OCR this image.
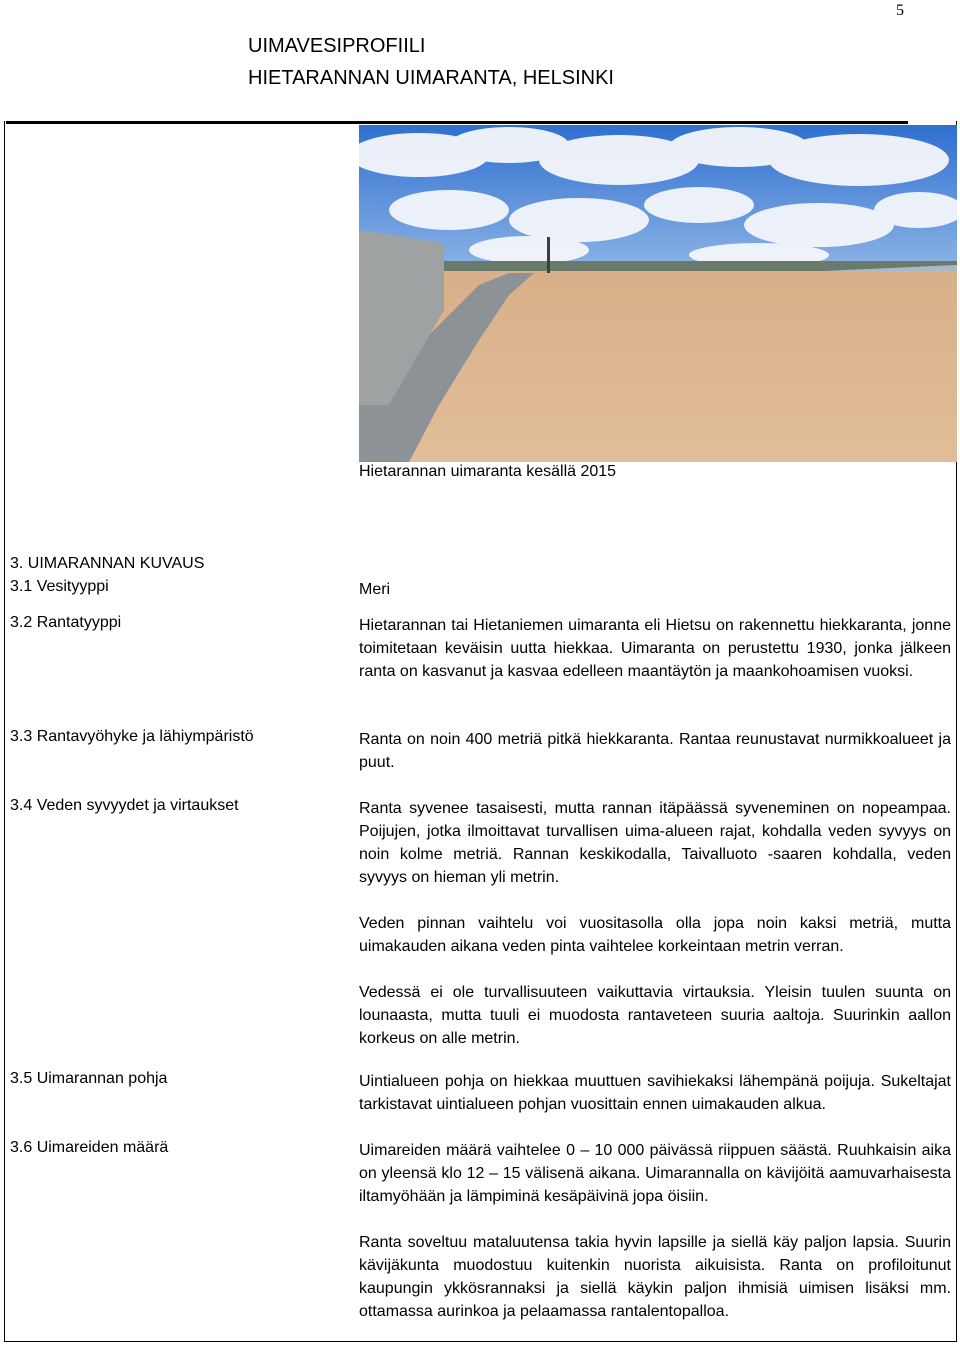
5
UIMAVESIPROFIILI
HIETARANNAN UIMARANTA, HELSINKI
Hietarannan uimaranta kesällä 2015
3. UIMARANNAN KUVAUS
3.1 Vesityyppi	Meri

3.2 Rantatyyppi	Hietarannan tai Hietaniemen uimaranta eli Hietsu on rakennettu hiekkaranta, jonne toimitetaan keväisin uutta hiekkaa. Uimaranta on perustettu 1930, jonka jälkeen ranta on kasvanut ja kasvaa edelleen maantäytön ja maankohoamisen vuoksi.

3.3 Rantavyöhyke ja lähiympäristö	Ranta on noin 400 metriä pitkä hiekkaranta. Rantaa reunustavat nurmikkoalueet ja puut.

3.4 Veden syvyydet ja virtaukset	Ranta syvenee tasaisesti, mutta rannan itäpäässä syveneminen on nopeampaa. Poijujen, jotka ilmoittavat turvallisen uima-alueen rajat, kohdalla veden syvyys on noin kolme metriä. Rannan keskikodalla, Taivalluoto -saaren kohdalla, veden syvyys on hieman yli metrin.

Veden pinnan vaihtelu voi vuositasolla olla jopa noin kaksi metriä, mutta uimakauden aikana veden pinta vaihtelee korkeintaan metrin verran.

Vedessä ei ole turvallisuuteen vaikuttavia virtauksia. Yleisin tuulen suunta on lounaasta, mutta tuuli ei muodosta rantaveteen suuria aaltoja. Suurinkin aallon korkeus on alle metrin.

3.5 Uimarannan pohja	Uintialueen pohja on hiekkaa muuttuen savihiekaksi lähempänä poijuja. Sukeltajat tarkistavat uintialueen pohjan vuosittain ennen uimakauden alkua.

3.6 Uimareiden määrä	Uimareiden määrä vaihtelee 0 – 10 000 päivässä riippuen säästä. Ruuhkaisin aika on yleensä klo 12 – 15 välisenä aikana. Uimarannalla on kävijöitä aamuvarhaisesta iltamyöhään ja lämpiminä kesäpäivinä jopa öisiin.

Ranta soveltuu mataluutensa takia hyvin lapsille ja siellä käy paljon lapsia. Suurin kävijäkunta muodostuu kuitenkin nuorista aikuisista. Ranta on profiloitunut kaupungin ykkösrannaksi ja siellä käykin paljon ihmisiä uimisen lisäksi mm. ottamassa aurinkoa ja pelaamassa rantalentopalloa.
